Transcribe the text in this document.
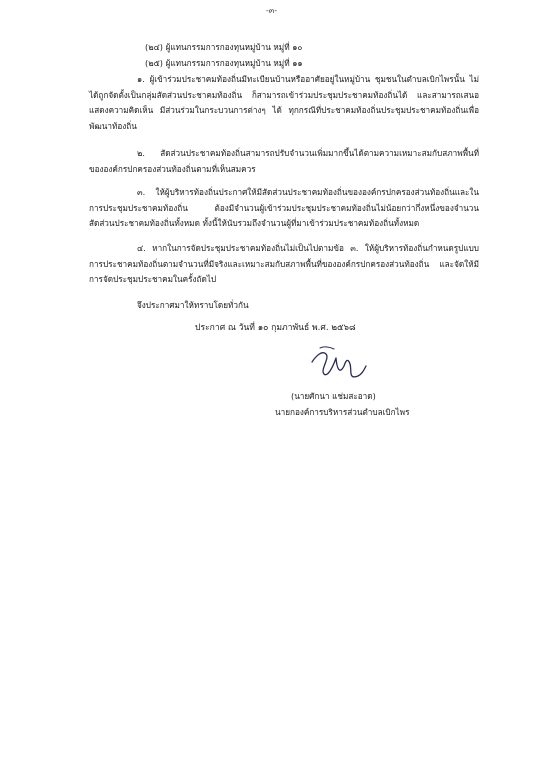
-๓-
(๒๔) ผู้แทนกรรมการกองทุนหมู่บ้าน หมู่ที่ ๑๐
(๒๕) ผู้แทนกรรมการกองทุนหมู่บ้าน หมู่ที่ ๑๑
๑. ผู้เข้าร่วมประชาคมท้องถิ่นมีทะเบียนบ้านหรืออาศัยอยู่ในหมู่บ้าน ชุมชนในตำบลเบิกไพรนั้น ไม่ได้ถูกจัดตั้งเป็นกลุ่มสัดส่วนประชาคมท้องถิ่น ก็สามารถเข้าร่วมประชุมประชาคมท้องถิ่นได้ และสามารถเสนอแสดงความคิดเห็น มีส่วนร่วมในกระบวนการต่างๆ ได้ ทุกกรณีที่ประชาคมท้องถิ่นประชุมประชาคมท้องถิ่นเพื่อพัฒนาท้องถิ่น
๒. สัดส่วนประชาคมท้องถิ่นสามารถปรับจำนวนเพิ่มมากขึ้นได้ตามความเหมาะสมกับสภาพพื้นที่ขององค์กรปกครองส่วนท้องถิ่นตามที่เห็นสมควร
๓. ให้ผู้บริหารท้องถิ่นประกาศให้มีสัดส่วนประชาคมท้องถิ่นขององค์กรปกครองส่วนท้องถิ่นและในการประชุมประชาคมท้องถิ่น ต้องมีจำนวนผู้เข้าร่วมประชุมประชาคมท้องถิ่นไม่น้อยกว่ากึ่งหนึ่งของจำนวนสัดส่วนประชาคมท้องถิ่นทั้งหมด ทั้งนี้ให้นับรวมถึงจำนวนผู้ที่มาเข้าร่วมประชาคมท้องถิ่นทั้งหมด
๔. หากในการจัดประชุมประชาคมท้องถิ่นไม่เป็นไปตามข้อ ๓. ให้ผู้บริหารท้องถิ่นกำหนดรูปแบบการประชาคมท้องถิ่นตามจำนวนที่มีจริงและเหมาะสมกับสภาพพื้นที่ขององค์กรปกครองส่วนท้องถิ่น และจัดให้มีการจัดประชุมประชาคมในครั้งถัดไป
จึงประกาศมาให้ทราบโดยทั่วกัน
ประกาศ ณ วันที่ ๑๐ กุมภาพันธ์ พ.ศ. ๒๕๖๘
(นายศักนา แช่มสะอาด)
นายกองค์การบริหารส่วนตำบลเบิกไพร
